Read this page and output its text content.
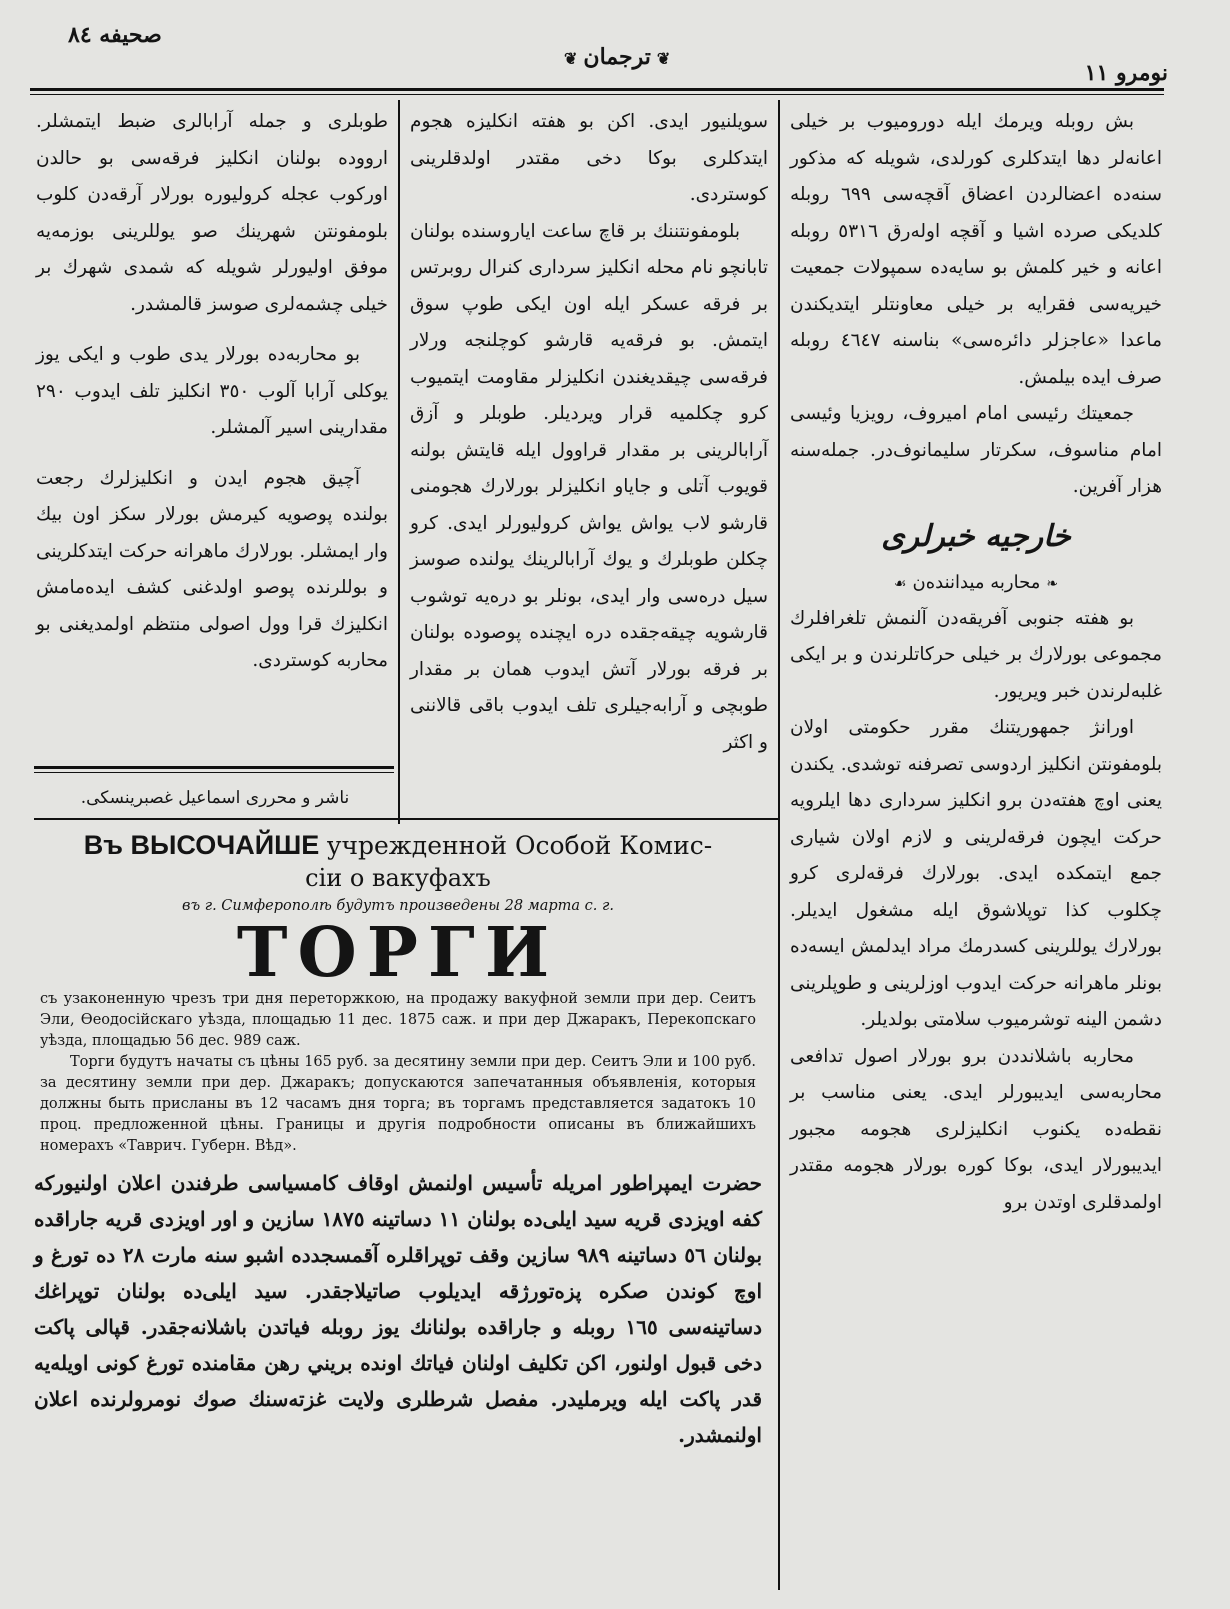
صحيفه ۸٤
❦ترجمان❦
نومرو ۱۱

بش روبله ويرمك ايله دوروميوب بر خيلى اعانه‌لر دها ايتدكلرى كورلدى، شويله كه مذكور سنه‌ده اعضالردن اعضاق آقچه‌سى ٦٩٩ روبله كلديكى صرده اشيا و آقچه اوله‌رق ٥٣١٦ روبله اعانه و خير كلمش بو سايه‌ده سمپولات جمعيت خيريه‌سى فقرايه بر خيلى معاونتلر ايتديكندن ماعدا «عاجزلر دائره‌سى» بناسنه ٤٦٤٧ روبله صرف ايده بيلمش.

جمعيتك رئيسى امام اميروف، رويزيا وئيسى امام مناسوف، سكرتار سليمانوف‌در. جمله‌سنه هزار آفرين.

خارجيه خبرلرى
❧محاربه ميداننده‌ن☙

بو هفته جنوبى آفريقه‌دن آلنمش تلغرافلرك مجموعى بورلارك بر خيلى حركاتلرندن و بر ايكى غلبه‌لرندن خبر ويريور.

اورانژ جمهوريتنك مقرر حكومتى اولان بلومفونتن انكليز اردوسى تصرفنه توشدى. يكندن يعنى اوچ هفته‌دن برو انكليز سردارى دها ايلرويه حركت ايچون فرقه‌لرينى و لازم اولان شيارى جمع ايتمكده ايدى. بورلارك فرقه‌لرى كرو چكلوب كذا توپلاشوق ايله مشغول ايديلر. بورلارك يوللرينى كسدرمك مراد ايدلمش ايسه‌ده بونلر ماهرانه حركت ايدوب اوزلرينى و طوپلرينى دشمن الينه توشرميوب سلامتى بولديلر.

محاربه باشلانددن برو بورلار اصول تدافعى محاربه‌سى ايديبورلر ايدى. يعنى مناسب بر نقطه‌ده يكنوب انكليزلرى هجومه مجبور ايديبورلار ايدى، بوكا كوره بورلار هجومه مقتدر اولمدقلرى اوتدن برو

سويلنيور ايدى. اكن بو هفته انكليزه هجوم ايتدكلرى بوكا دخى مقتدر اولدقلرينى كوستردى.

بلومفونتننك بر قاچ ساعت اياروسنده بولنان تابانچو نام محله انكليز سردارى كنرال روبرتس بر فرقه عسكر ايله اون ايكى طوپ سوق ايتمش. بو فرقه‌يه قارشو كوچلنجه ورلار فرقه‌سى چيقديغندن انكليزلر مقاومت ايتميوب كرو چكلميه قرار ويرديلر. طوبلر و آزق آرابالرينى بر مقدار قراوول ايله قايتش بولنه قويوب آتلى و جاياو انكليزلر بورلارك هجومنى قارشو لاب يواش يواش كروليورلر ايدى. كرو چكلن طوبلرك و يوك آرابالرينك يولنده صوسز سيل دره‌سى وار ايدى، بونلر بو دره‌يه توشوب قارشويه چيقه‌جقده دره ايچنده پوصوده بولنان بر فرقه بورلار آتش ايدوب همان بر مقدار طوبچى و آرابه‌جيلرى تلف ايدوب باقى قالاننى و اكثر

طوبلرى و جمله آرابالرى ضبط ايتمشلر. ارووده بولنان انكليز فرقه‌سى بو حالدن اوركوب عجله كروليوره بورلار آرقه‌دن كلوب بلومفونتن شهرينك صو يوللرينى بوزمه‌يه موفق اوليورلر شويله كه شمدى شهرك بر خيلى چشمه‌لرى صوسز قالمشدر.

بو محاربه‌ده بورلار يدى طوب و ايكى يوز يوكلى آرابا آلوب ٣٥٠ انكليز تلف ايدوب ٢٩٠ مقدارينى اسير آلمشلر.

آچيق هجوم ايدن و انكليزلرك رجعت بولنده پوصويه كيرمش بورلار سكز اون بيك وار ايمشلر. بورلارك ماهرانه حركت ايتدكلرينى و بوللرنده پوصو اولدغنى كشف ايده‌مامش انكليزك قرا وول اصولى منتظم اولمديغنى بو محاربه كوستردى.

ناشر و محررى اسماعيل غصبرينسكى.
Въ ВЫСОЧАЙШЕ учрежденной Особой Комис-
сіи о вакуфахъ
въ г. Симферополѣ будутъ произведены 28 марта с. г.
ТОРГИ

съ узаконенную чрезъ три дня переторжкою, на продажу вакуфной земли при дер. Сеитъ Эли, Ѳеодосійскаго уѣзда, площадью 11 дес. 1875 саж. и при дер Джаракъ, Перекопскаго уѣзда, площадью 56 дес. 989 саж.

Торги будутъ начаты съ цѣны 165 руб. за десятину земли при дер. Сеитъ Эли и 100 руб. за десятину земли при дер. Джаракъ; допускаются запечатанныя объявленія, которыя должны быть присланы въ 12 часамъ дня торга; въ торгамъ представляется задатокъ 10 проц. предложенной цѣны. Границы и другія подробности описаны въ ближайшихъ номерахъ «Таврич. Губерн. Вѣд».

حضرت ايمپراطور امريله تأسيس اولنمش اوقاف كامسياسى طرفندن اعلان اولنيوركه كفه اويزدى قريه سيد ايلى‌ده بولنان ۱۱ دساتينه ۱۸۷٥ سازين و اور اويزدى قريه جاراقده بولنان ٥٦ دساتينه ۹۸۹ سازين وقف توپراقلره آقمسجدده اشبو سنه مارت ۲۸ ده تورغ و اوچ كوندن صكره پزه‌تورژقه ايديلوب صاتيلاجقدر. سيد ايلى‌ده بولنان توپراغك دساتينه‌سى ١٦٥ روبله و جاراقده بولنانك يوز روبله فياتدن باشلانه‌جقدر. قپالى پاكت دخى قبول اولنور، اكن تكليف اولنان فياتك اونده بريني رهن مقامنده تورغ كونى اويله‌يه قدر پاكت ايله ويرمليدر. مفصل شرطلرى ولايت غزته‌سنك صوك نومرولرنده اعلان اولنمشدر.
